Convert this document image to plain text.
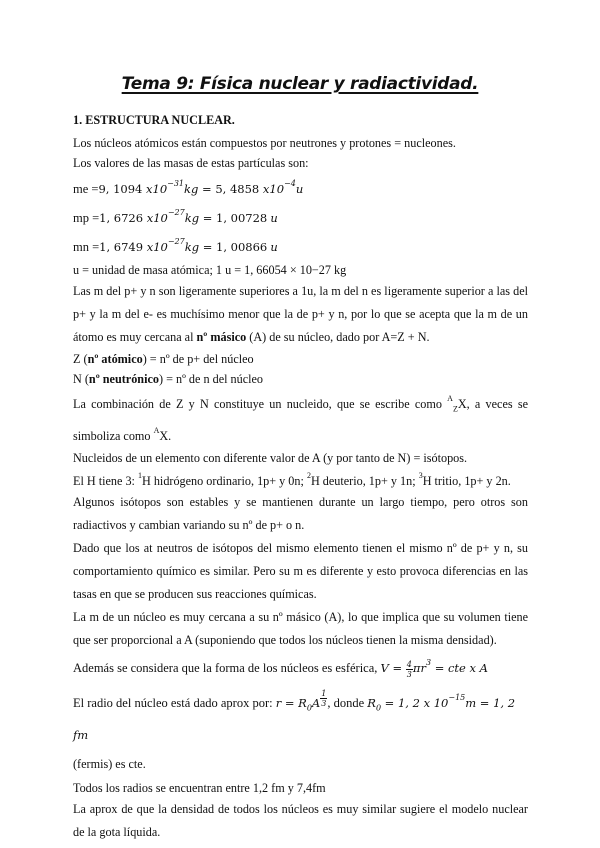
Tema 9: Física nuclear y radiactividad.
1. ESTRUCTURA NUCLEAR.
Los núcleos atómicos están compuestos por neutrones y protones = nucleones.
Los valores de las masas de estas partículas son:
me =9, 1094 $x10^{-31}kg = 5$, 4858 $x10^{-4}u$
mp =1, 6726 $x10^{-27}kg = 1$, 00728 u
mn =1, 6749 $x10^{-27}kg = 1$, 00866 u
u = unidad de masa atómica; 1 u = 1, 66054 × 10−27 kg
Las m del p+ y n son ligeramente superiores a 1u, la m del n es ligeramente superior a las del p+ y la m del e- es muchísimo menor que la de p+ y n, por lo que se acepta que la m de un átomo es muy cercana al nº másico (A) de su núcleo, dado por A=Z + N.
Z (nº atómico) = nº de p+ del núcleo
N (nº neutrónico) = nº de n del núcleo
La combinación de Z y N constituye un nucleido, que se escribe como $^A_Z$X, a veces se simboliza como $^A$X.
Nucleidos de un elemento con diferente valor de A (y por tanto de N) = isótopos.
El H tiene 3: $^1$H hidrógeno ordinario, 1p+ y 0n; $^2$H deuterio, 1p+ y 1n; $^3$H tritio, 1p+ y 2n.
Algunos isótopos son estables y se mantienen durante un largo tiempo, pero otros son radiactivos y cambian variando su nº de p+ o n.
Dado que los at neutros de isótopos del mismo elemento tienen el mismo nº de p+ y n, su comportamiento químico es similar. Pero su m es diferente y esto provoca diferencias en las tasas en que se producen sus reacciones químicas.
La m de un núcleo es muy cercana a su nº másico (A), lo que implica que su volumen tiene que ser proporcional a A (suponiendo que todos los núcleos tienen la misma densidad).
Además se considera que la forma de los núcleos es esférica, $V = \frac{4}{3} \pi r^3$ = cte x A
El radio del núcleo está dado aprox por: $r = R_0A$ $^{\frac{1}{3}}$ , donde $R_0 = 1$, 2 x $10^{-15}m = 1$, 2 fm
(fermis) es cte.
Todos los radios se encuentran entre 1,2 fm y 7,4fm
La aprox de que la densidad de todos los núcleos es muy similar sugiere el modelo nuclear de la gota líquida.
